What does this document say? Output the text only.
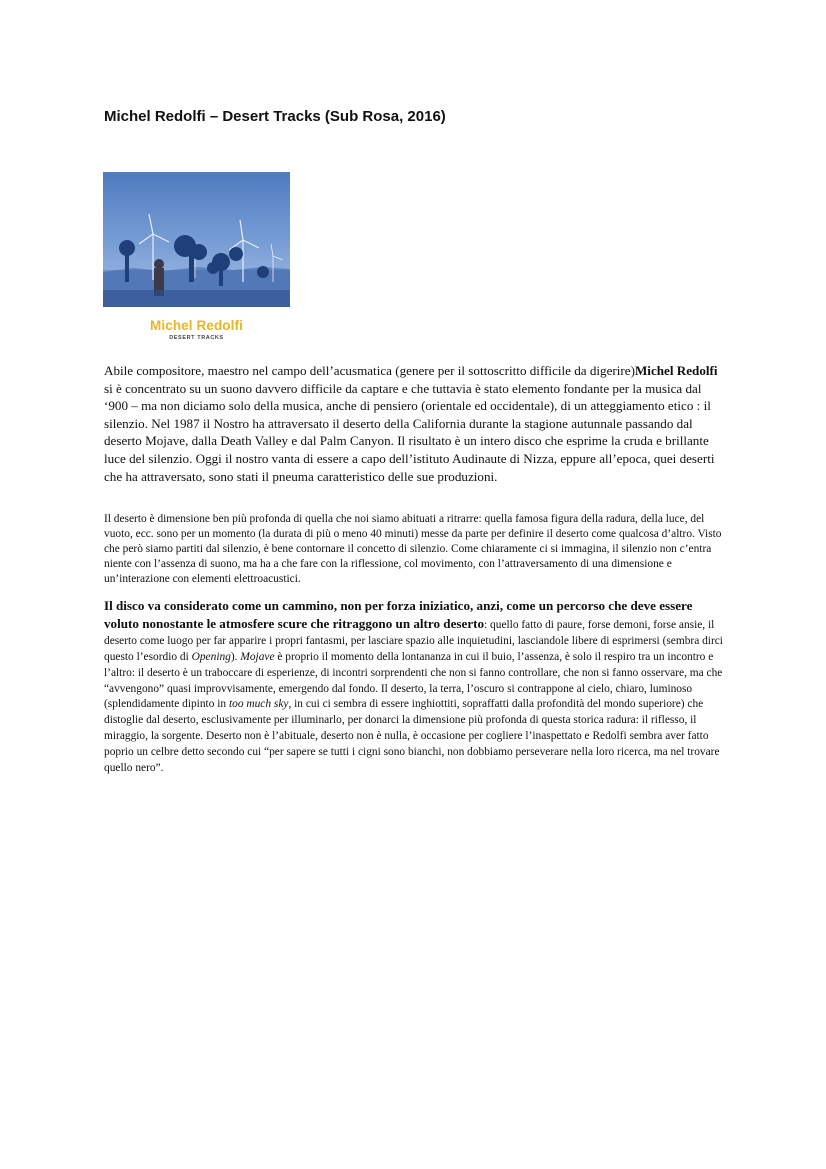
Michel Redolfi – Desert Tracks (Sub Rosa, 2016)
Michel Redolfi
DESERT TRACKS

Abile compositore, maestro nel campo dell’acusmatica (genere per il sottoscritto difficile da digerire)Michel Redolfi si è concentrato su un suono davvero difficile da captare e che tuttavia è stato elemento fondante per la musica dal ‘900 – ma non diciamo solo della musica, anche di pensiero (orientale ed occidentale), di un atteggiamento etico : il silenzio. Nel 1987 il Nostro ha attraversato il deserto della California durante la stagione autunnale passando dal deserto Mojave, dalla Death Valley e dal Palm Canyon. Il risultato è un intero disco che esprime la cruda e brillante luce del silenzio. Oggi il nostro vanta di essere a capo dell’istituto Audinaute di Nizza, eppure all’epoca, quei deserti che ha attraversato, sono stati il pneuma caratteristico delle sue produzioni.

Il deserto è dimensione ben più profonda di quella che noi siamo abituati a ritrarre: quella famosa figura della radura, della luce, del vuoto, ecc. sono per un momento (la durata di più o meno 40 minuti) messe da parte per definire il deserto come qualcosa d’altro. Visto che però siamo partiti dal silenzio, è bene contornare il concetto di silenzio. Come chiaramente ci si immagina, il silenzio non c’entra niente con l’assenza di suono, ma ha a che fare con la riflessione, col movimento, con l’attraversamento di una dimensione e un’interazione con elementi elettroacustici.

Il disco va considerato come un cammino, non per forza iniziatico, anzi, come un percorso che deve essere voluto nonostante le atmosfere scure che ritraggono un altro deserto: quello fatto di paure, forse demoni, forse ansie, il deserto come luogo per far apparire i propri fantasmi, per lasciare spazio alle inquietudini, lasciandole libere di esprimersi (sembra dirci questo l’esordio di Opening). Mojave è proprio il momento della lontananza in cui il buio, l’assenza, è solo il respiro tra un incontro e l’altro: il deserto è un traboccare di esperienze, di incontri sorprendenti che non si fanno controllare, che non si fanno osservare, ma che “avvengono” quasi improvvisamente, emergendo dal fondo. Il deserto, la terra, l’oscuro si contrappone al cielo, chiaro, luminoso (splendidamente dipinto in too much sky, in cui ci sembra di essere inghiottiti, sopraffatti dalla profondità del mondo superiore) che distoglie dal deserto, esclusivamente per illuminarlo, per donarci la dimensione più profonda di questa storica radura: il riflesso, il miraggio, la sorgente. Deserto non è l’abituale, deserto non è nulla, è occasione per cogliere l’inaspettato e Redolfi sembra aver fatto poprio un celbre detto secondo cui “per sapere se tutti i cigni sono bianchi, non dobbiamo perseverare nella loro ricerca, ma nel trovare quello nero”.
